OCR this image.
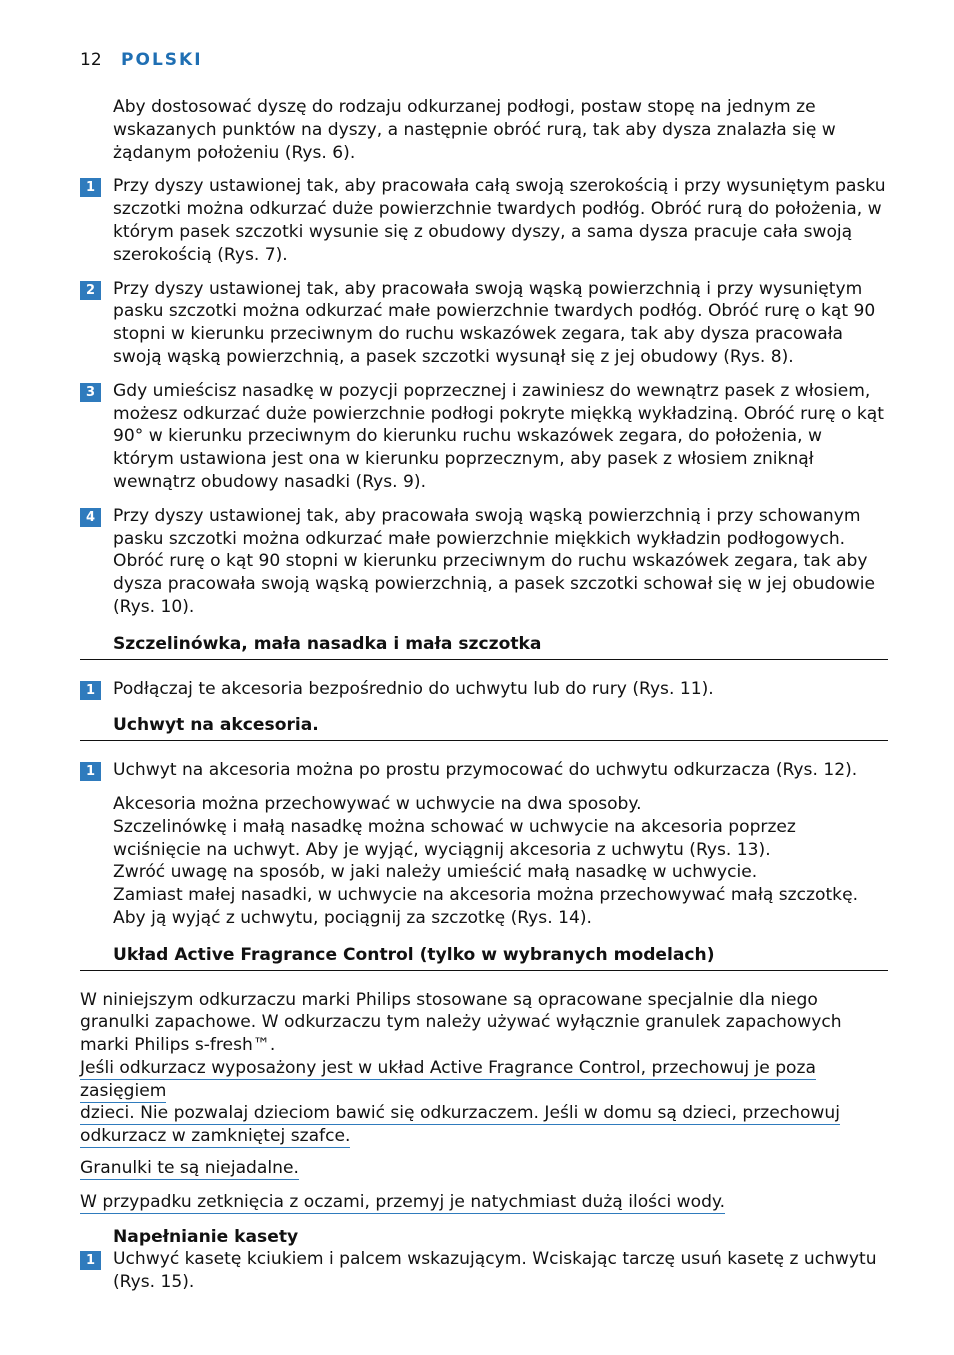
12 POLSKI

Aby dostosować dyszę do rodzaju odkurzanej podłogi, postaw stopę na jednym ze wskazanych punktów na dyszy, a następnie obróć rurą, tak aby dysza znalazła się w żądanym położeniu (Rys. 6).

1	Przy dyszy ustawionej tak, aby pracowała całą swoją szerokością i przy wysuniętym pasku szczotki można odkurzać duże powierzchnie twardych podłóg. Obróć rurą do położenia, w którym pasek szczotki wysunie się z obudowy dyszy, a sama dysza pracuje cała swoją szerokością (Rys. 7).
2	Przy dyszy ustawionej tak, aby pracowała swoją wąską powierzchnią i przy wysuniętym pasku szczotki można odkurzać małe powierzchnie twardych podłóg. Obróć rurę o kąt 90 stopni w kierunku przeciwnym do ruchu wskazówek zegara, tak aby dysza pracowała swoją wąską powierzchnią, a pasek szczotki wysunął się z jej obudowy (Rys. 8).
3	Gdy umieścisz nasadkę w pozycji poprzecznej i zawiniesz do wewnątrz pasek z włosiem, możesz odkurzać duże powierzchnie podłogi pokryte miękką wykładziną. Obróć rurę o kąt 90° w kierunku przeciwnym do kierunku ruchu wskazówek zegara, do położenia, w którym ustawiona jest ona w kierunku poprzecznym, aby pasek z włosiem zniknął wewnątrz obudowy nasadki (Rys. 9).
4	Przy dyszy ustawionej tak, aby pracowała swoją wąską powierzchnią i przy schowanym pasku szczotki można odkurzać małe powierzchnie miękkich wykładzin podłogowych. Obróć rurę o kąt 90 stopni w kierunku przeciwnym do ruchu wskazówek zegara, tak aby dysza pracowała swoją wąską powierzchnią, a pasek szczotki schował się w jej obudowie (Rys. 10).
Szczelinówka, mała nasadka i mała szczotka
1	Podłączaj te akcesoria bezpośrednio do uchwytu lub do rury (Rys. 11).
Uchwyt na akcesoria.
1	Uchwyt na akcesoria można po prostu przymocować do uchwytu odkurzacza (Rys. 12).
Akcesoria można przechowywać w uchwycie na dwa sposoby.
Szczelinówkę i małą nasadkę można schować w uchwycie na akcesoria poprzez wciśnięcie na uchwyt. Aby je wyjąć, wyciągnij akcesoria z uchwytu (Rys. 13).
Zwróć uwagę na sposób, w jaki należy umieścić małą nasadkę w uchwycie.
Zamiast małej nasadki, w uchwycie na akcesoria można przechowywać małą szczotkę. Aby ją wyjąć z uchwytu, pociągnij za szczotkę (Rys. 14).
Układ Active Fragrance Control (tylko w wybranych modelach)

W niniejszym odkurzaczu marki Philips stosowane są opracowane specjalnie dla niego granulki zapachowe. W odkurzaczu tym należy używać wyłącznie granulek zapachowych marki Philips s-fresh™.

Jeśli odkurzacz wyposażony jest w układ Active Fragrance Control, przechowuj je poza zasięgiem
dzieci. Nie pozwalaj dzieciom bawić się odkurzaczem. Jeśli w domu są dzieci, przechowuj
odkurzacz w zamkniętej szafce.

Granulki te są niejadalne.

W przypadku zetknięcia z oczami, przemyj je natychmiast dużą ilości wody.

Napełnianie kasety
1	Uchwyć kasetę kciukiem i palcem wskazującym. Wciskając tarczę usuń kasetę z uchwytu (Rys. 15).
